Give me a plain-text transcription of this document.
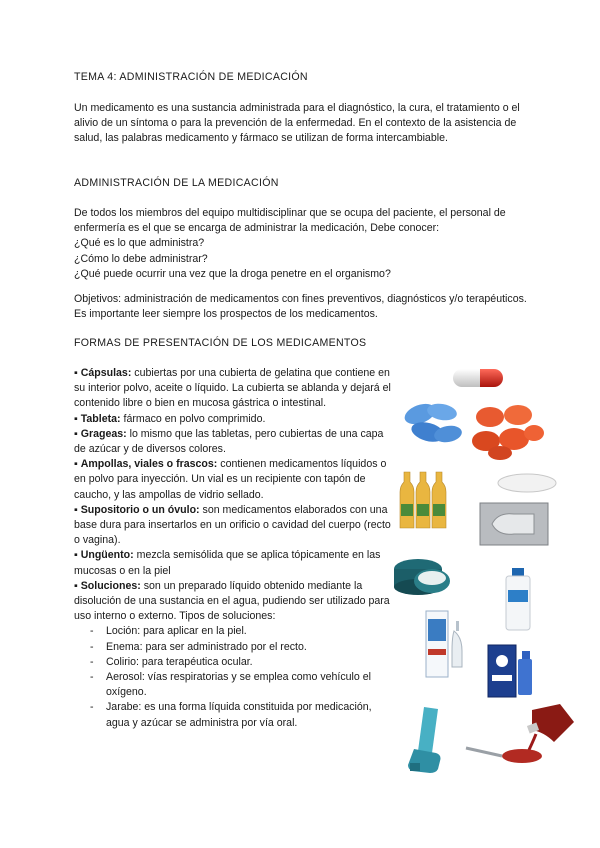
TEMA 4: ADMINISTRACIÓN DE MEDICACIÓN

Un medicamento es una sustancia administrada para el diagnóstico, la cura, el tratamiento o el alivio de un síntoma o para la prevención de la enfermedad. En el contexto de la asistencia de salud, las palabras medicamento y fármaco se utilizan de forma intercambiable.

ADMINISTRACIÓN DE LA MEDICACIÓN

De todos los miembros del equipo multidisciplinar que se ocupa del paciente, el personal de enfermería es el que se encarga de administrar la medicación, Debe conocer:

¿Qué es lo que administra?

¿Cómo lo debe administrar?

¿Qué puede ocurrir una vez que la droga penetre en el organismo?

Objetivos: administración de medicamentos con fines preventivos, diagnósticos y/o terapéuticos. Es importante leer siempre los prospectos de los medicamentos.

FORMAS DE PRESENTACIÓN DE LOS MEDICAMENTOS

▪ Cápsulas: cubiertas por una cubierta de gelatina que contiene en su interior polvo, aceite o líquido. La cubierta se ablanda y dejará el contenido libre o bien en mucosa gástrica o intestinal.

▪ Tableta: fármaco en polvo comprimido.

▪ Grageas: lo mismo que las tabletas, pero cubiertas de una capa de azúcar y de diversos colores.

▪ Ampollas, viales o frascos: contienen medicamentos líquidos o en polvo para inyección. Un vial es un recipiente con tapón de caucho, y las ampollas de vidrio sellado.

▪ Supositorio o un óvulo: son medicamentos elaborados con una base dura para insertarlos en un orificio o cavidad del cuerpo (recto o vagina).

▪ Ungüento: mezcla semisólida que se aplica tópicamente en las mucosas o en la piel

▪ Soluciones: son un preparado líquido obtenido mediante la disolución de una sustancia en el agua, pudiendo ser utilizado para uso interno o externo. Tipos de soluciones:

- Loción: para aplicar en la piel.
- Enema: para ser administrado por el recto.
- Colirio: para terapéutica ocular.
- Aerosol: vías respiratorias y se emplea como vehículo el oxígeno.
- Jarabe: es una forma líquida constituida por medicación, agua y azúcar se administra por vía oral.
